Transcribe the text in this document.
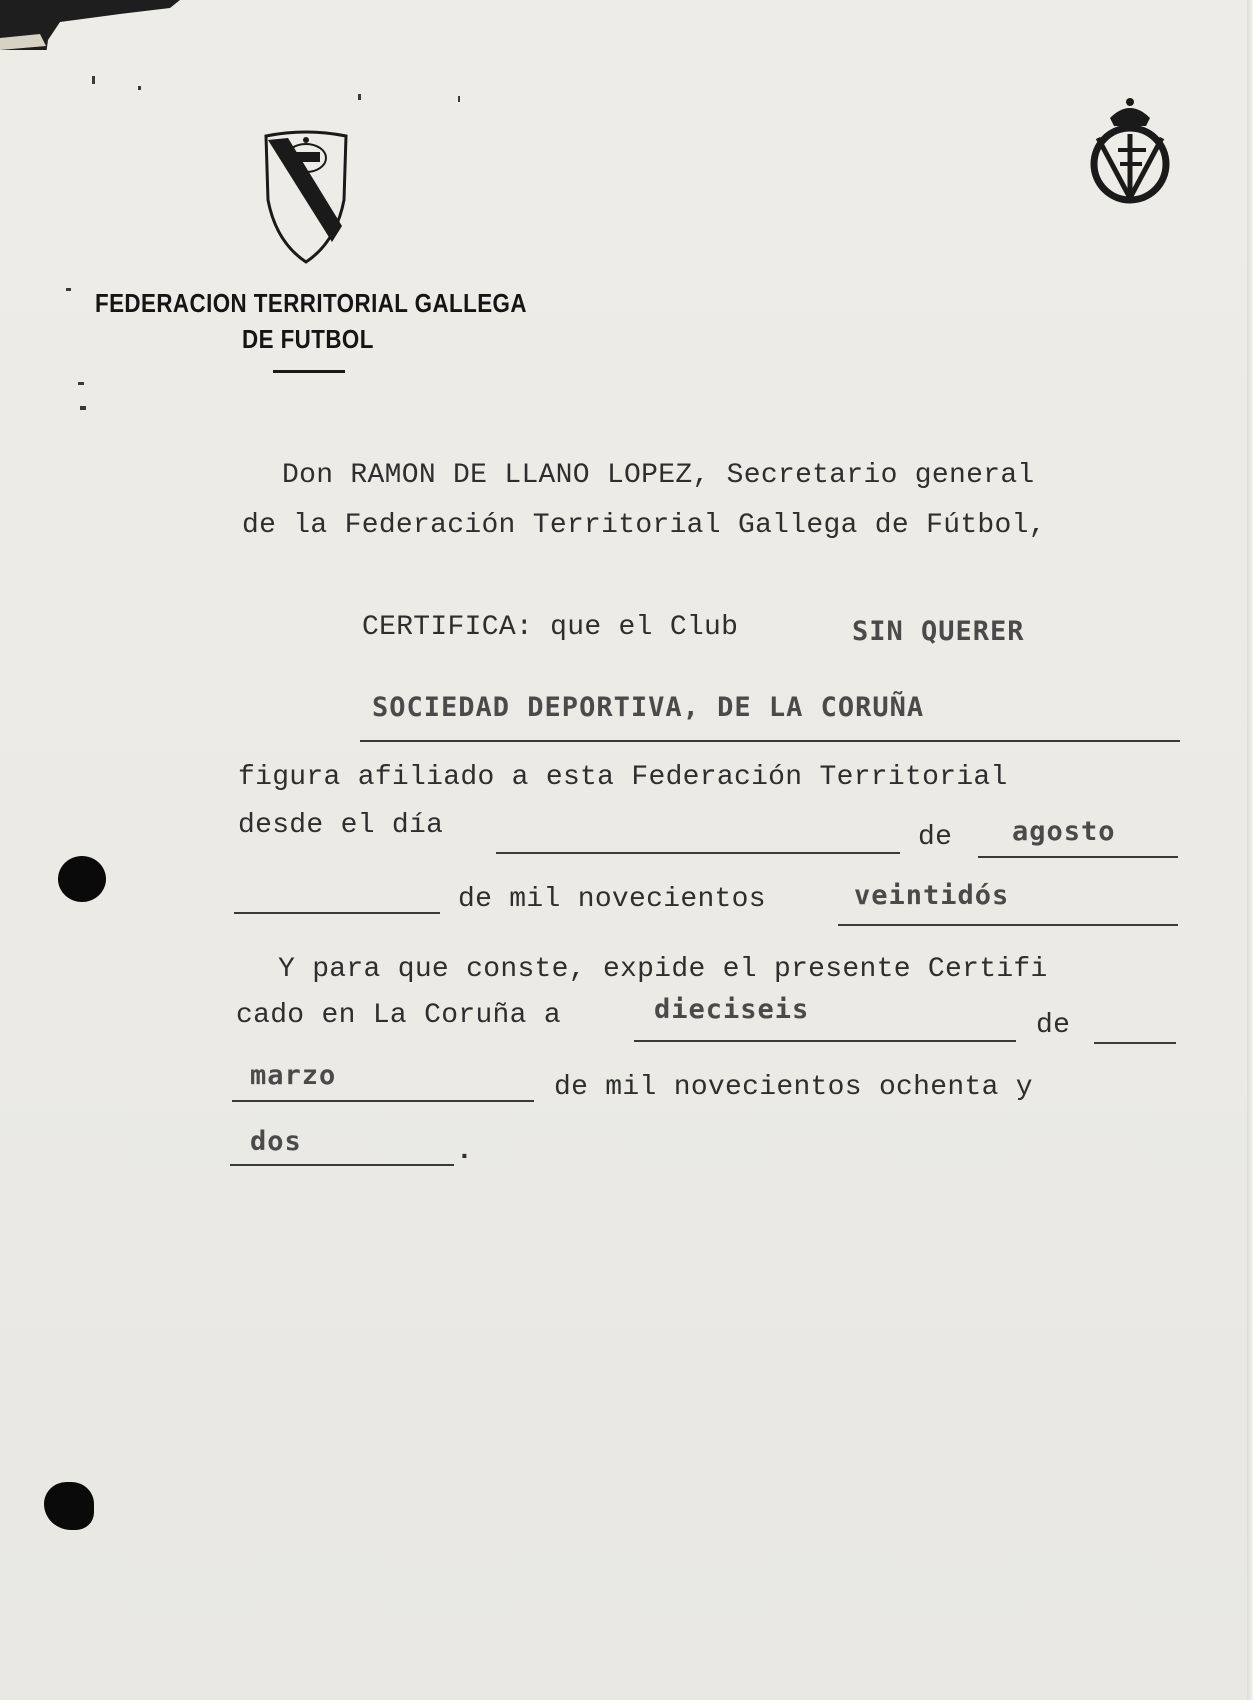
FEDERACION TERRITORIAL GALLEGA
DE FUTBOL
Don RAMON DE LLANO LOPEZ, Secretario general
de la Federación Territorial Gallega de Fútbol,
CERTIFICA: que el Club	SIN QUERER
SOCIEDAD DEPORTIVA, DE LA CORUÑA
figura afiliado a esta Federación Territorial
desde el día	de agosto
de mil novecientos	veintidós
Y para que conste, expide el presente Certifi
cado en La Coruña a	dieciseis
de
marzo	de mil novecientos ochenta y
dos	.
